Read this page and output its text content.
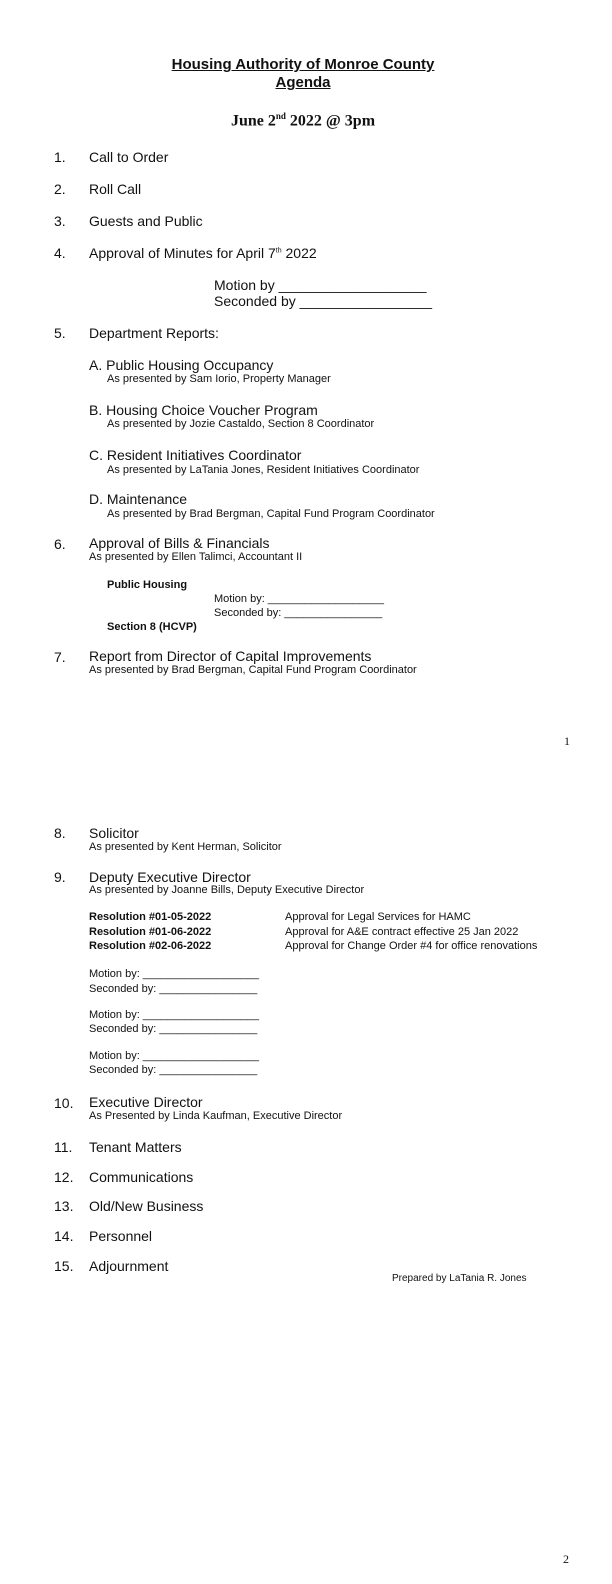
Housing Authority of Monroe County
Agenda
June 2nd 2022 @ 3pm
1. Call to Order
2. Roll Call
3. Guests and Public
4. Approval of Minutes for April 7th 2022
Motion by ___________________
Seconded by _________________
5. Department Reports:
A. Public Housing Occupancy
As presented by Sam Iorio, Property Manager
B. Housing Choice Voucher Program
As presented by Jozie Castaldo, Section 8 Coordinator
C. Resident Initiatives Coordinator
As presented by LaTania Jones, Resident Initiatives Coordinator
D. Maintenance
As presented by Brad Bergman, Capital Fund Program Coordinator
6. Approval of Bills & Financials
As presented by Ellen Talimci, Accountant II
Public Housing
Motion by: ___________________
Seconded by: ________________
Section 8 (HCVP)
7. Report from Director of Capital Improvements
As presented by Brad Bergman, Capital Fund Program Coordinator
1
8. Solicitor
As presented by Kent Herman, Solicitor
9. Deputy Executive Director
As presented by Joanne Bills, Deputy Executive Director
Resolution #01-05-2022	Approval for Legal Services for HAMC
Resolution #01-06-2022	Approval for A&E contract effective 25 Jan 2022
Resolution #02-06-2022	Approval for Change Order #4 for office renovations
Motion by: ___________________
Seconded by: ________________
Motion by: ___________________
Seconded by: ________________
Motion by: ___________________
Seconded by: ________________
10. Executive Director
As Presented by Linda Kaufman, Executive Director
11. Tenant Matters
12. Communications
13. Old/New Business
14. Personnel
15. Adjournment
Prepared by LaTania R. Jones
2
